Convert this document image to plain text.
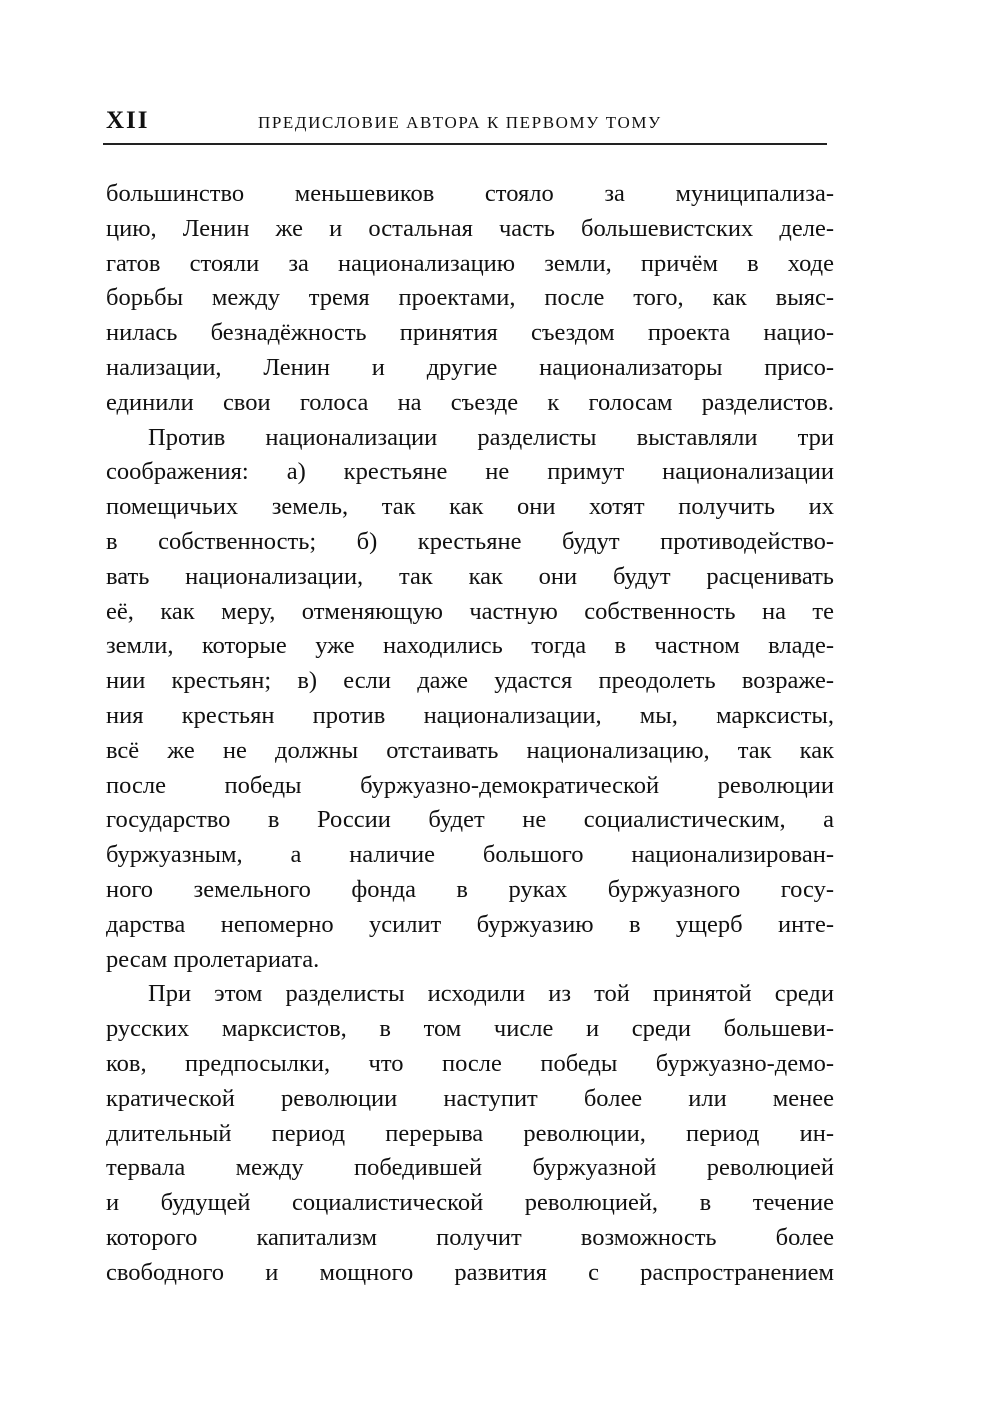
XII	ПРЕДИСЛОВИЕ АВТОРА К ПЕРВОМУ ТОМУ
большинство меньшевиков стояло за муниципализа-
цию, Ленин же и остальная часть большевистских деле-
гатов стояли за национализацию земли, причём в ходе
борьбы между тремя проектами, после того, как выяс-
нилась безнадёжность принятия съездом проекта нацио-
нализации, Ленин и другие национализаторы присо-
единили свои голоса на съезде к голосам разделистов.
Против национализации разделисты выставляли три
соображения: а) крестьяне не примут национализации
помещичьих земель, так как они хотят получить их
в собственность; б) крестьяне будут противодейство-
вать национализации, так как они будут расценивать
её, как меру, отменяющую частную собственность на те
земли, которые уже находились тогда в частном владе-
нии крестьян; в) если даже удастся преодолеть возраже-
ния крестьян против национализации, мы, марксисты,
всё же не должны отстаивать национализацию, так как
после победы буржуазно-демократической революции
государство в России будет не социалистическим, а
буржуазным, а наличие большого национализирован-
ного земельного фонда в руках буржуазного госу-
дарства непомерно усилит буржуазию в ущерб инте-
ресам пролетариата.
При этом разделисты исходили из той принятой среди
русских марксистов, в том числе и среди большеви-
ков, предпосылки, что после победы буржуазно-демо-
кратической революции наступит более или менее
длительный период перерыва революции, период ин-
тервала между победившей буржуазной революцией
и будущей социалистической революцией, в течение
которого капитализм получит возможность более
свободного и мощного развития с распространением
